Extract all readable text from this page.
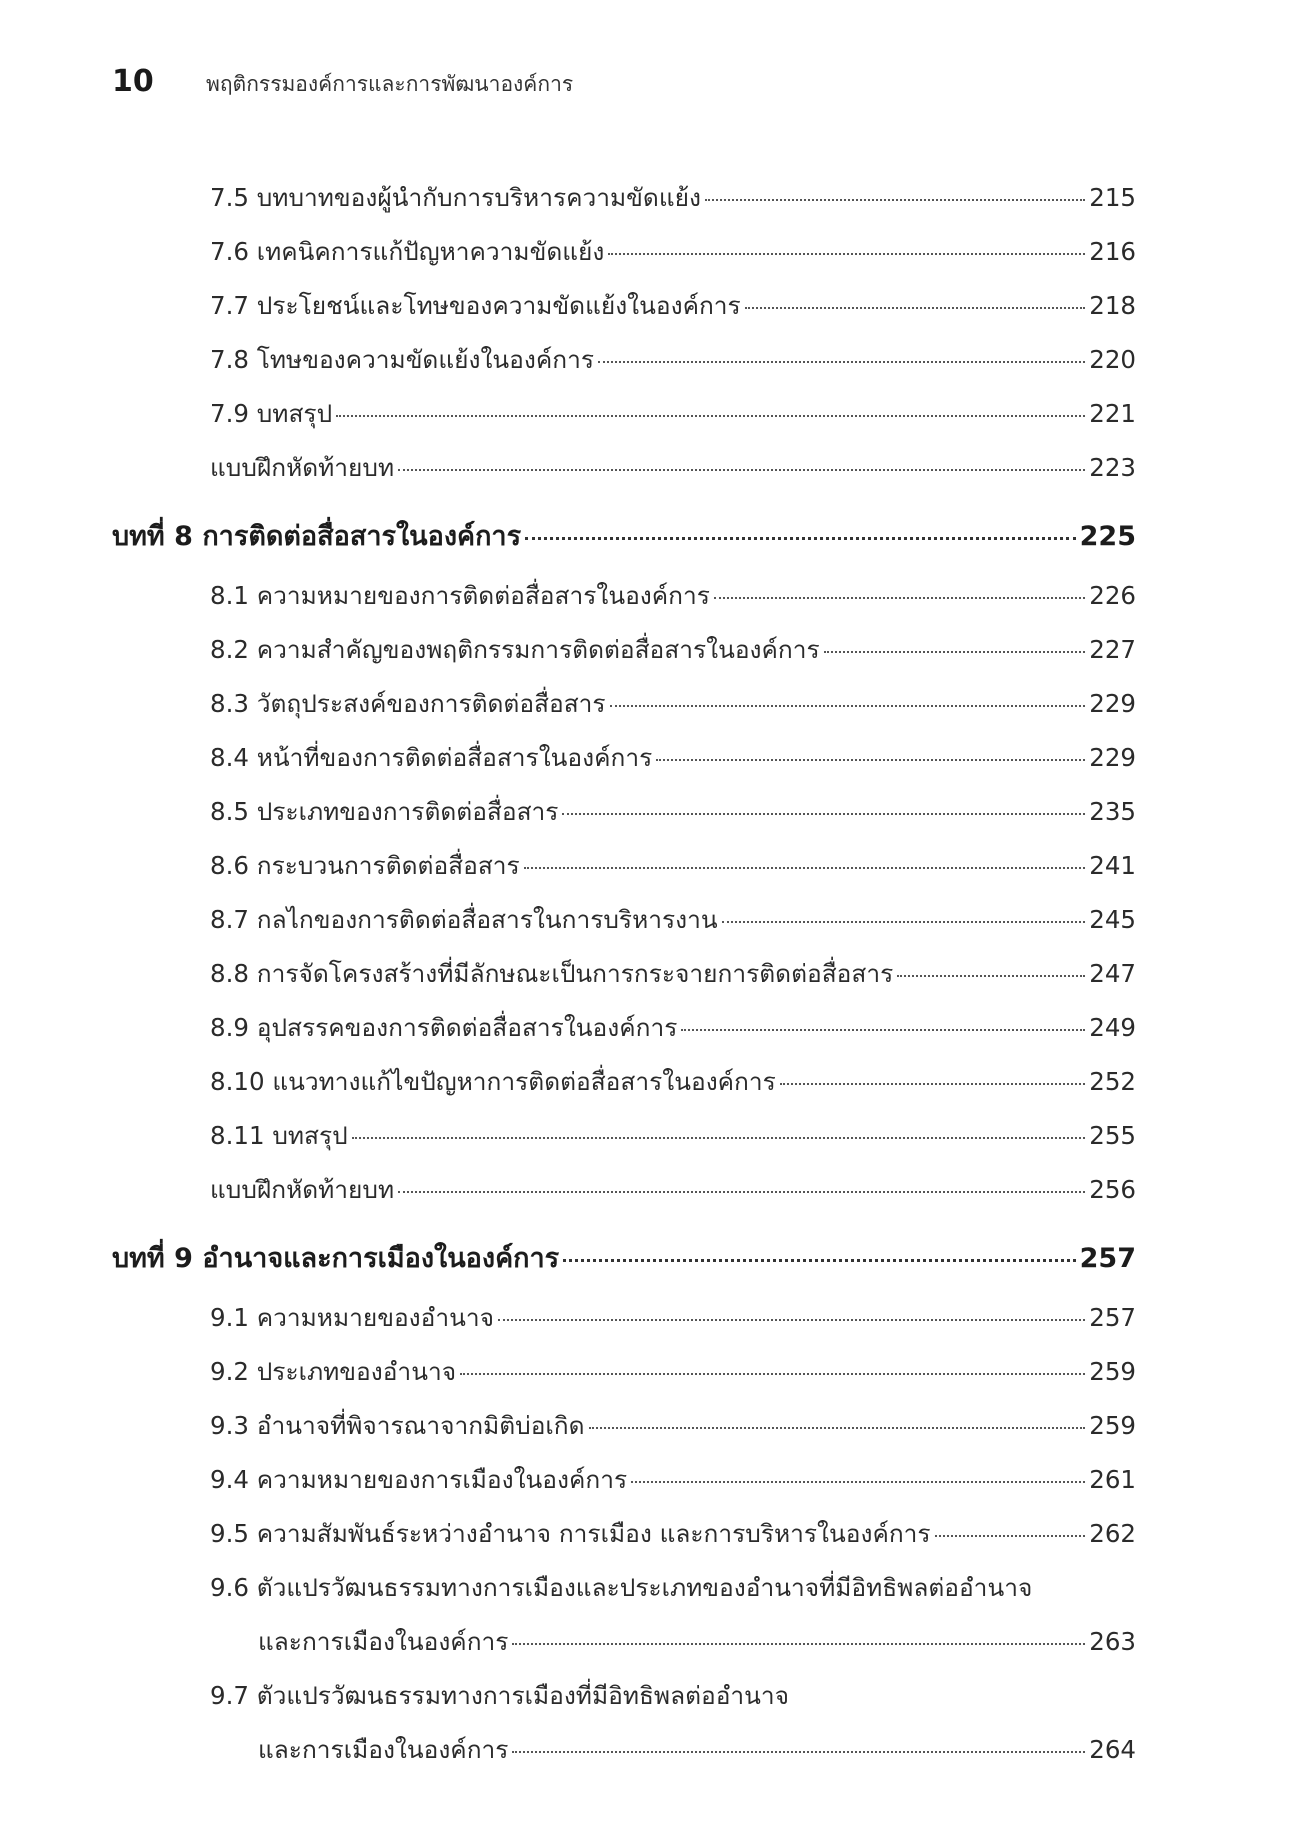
10	พฤติกรรมองค์การและการพัฒนาองค์การ
7.5 บทบาทของผู้นำกับการบริหารความขัดแย้ง	215
7.6 เทคนิคการแก้ปัญหาความขัดแย้ง	216
7.7 ประโยชน์และโทษของความขัดแย้งในองค์การ	218
7.8 โทษของความขัดแย้งในองค์การ	220
7.9 บทสรุป	221
แบบฝึกหัดท้ายบท	223
บทที่ 8 การติดต่อสื่อสารในองค์การ	225
8.1 ความหมายของการติดต่อสื่อสารในองค์การ	226
8.2 ความสำคัญของพฤติกรรมการติดต่อสื่อสารในองค์การ	227
8.3 วัตถุประสงค์ของการติดต่อสื่อสาร	229
8.4 หน้าที่ของการติดต่อสื่อสารในองค์การ	229
8.5 ประเภทของการติดต่อสื่อสาร	235
8.6 กระบวนการติดต่อสื่อสาร	241
8.7 กลไกของการติดต่อสื่อสารในการบริหารงาน	245
8.8 การจัดโครงสร้างที่มีลักษณะเป็นการกระจายการติดต่อสื่อสาร	247
8.9 อุปสรรคของการติดต่อสื่อสารในองค์การ	249
8.10 แนวทางแก้ไขปัญหาการติดต่อสื่อสารในองค์การ	252
8.11 บทสรุป	255
แบบฝึกหัดท้ายบท	256
บทที่ 9 อำนาจและการเมืองในองค์การ	257
9.1 ความหมายของอำนาจ	257
9.2 ประเภทของอำนาจ	259
9.3 อำนาจที่พิจารณาจากมิติบ่อเกิด	259
9.4 ความหมายของการเมืองในองค์การ	261
9.5 ความสัมพันธ์ระหว่างอำนาจ การเมือง และการบริหารในองค์การ	262
9.6 ตัวแปรวัฒนธรรมทางการเมืองและประเภทของอำนาจที่มีอิทธิพลต่ออำนาจ
และการเมืองในองค์การ	263
9.7 ตัวแปรวัฒนธรรมทางการเมืองที่มีอิทธิพลต่ออำนาจ
และการเมืองในองค์การ	264
